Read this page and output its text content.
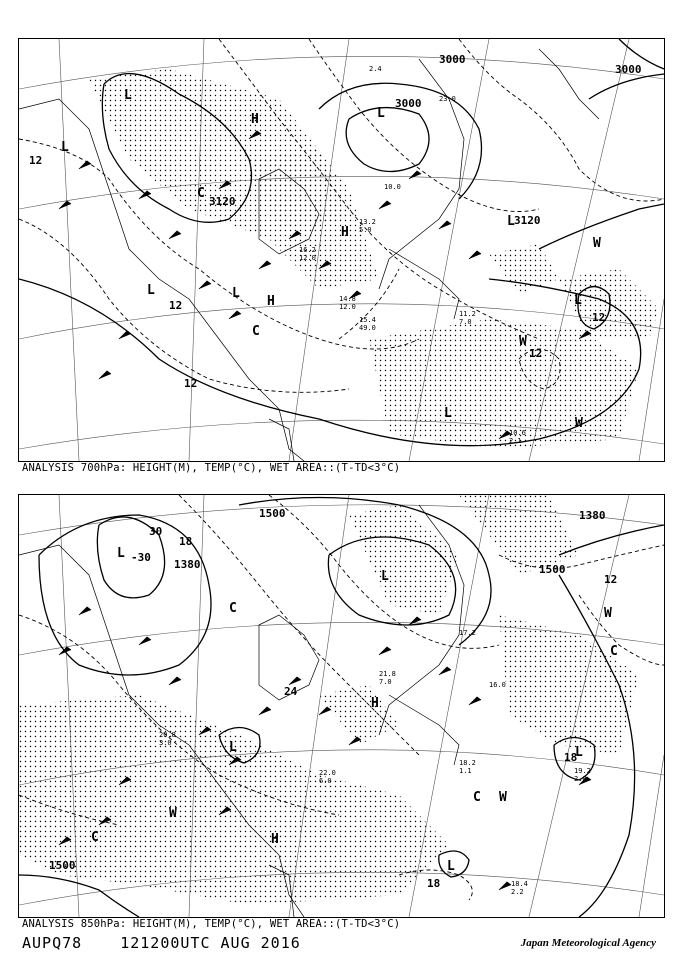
3000
3000
3000
3120
3120
12
12
12
12
12
L
L
L
L	L
L
L
L
H
H
H
W
W
W
C
C
2.4
23.0
10.0
14.8
12.0
13.2
5.0
16.2
12.0
11.2
7.0
15.4
49.0
10.6
2.1
ANALYSIS 700hPa: HEIGHT(M), TEMP(°C), WET AREA::(T-TD<3°C)
1500
1500
1500
1380
1380
-30
24
30
12
18
18
18
L
L
L	L
L
H
H
W
W
W
C
C
C
C
20.8
3.0
22.0
6.0
21.8
7.0
19.2
2.8
16.0
17.2
18.2
1.1
18.4
2.2
ANALYSIS 850hPa: HEIGHT(M), TEMP(°C), WET AREA::(T-TD<3°C)
AUPQ78	121200UTC AUG 2016	Japan Meteorological Agency
